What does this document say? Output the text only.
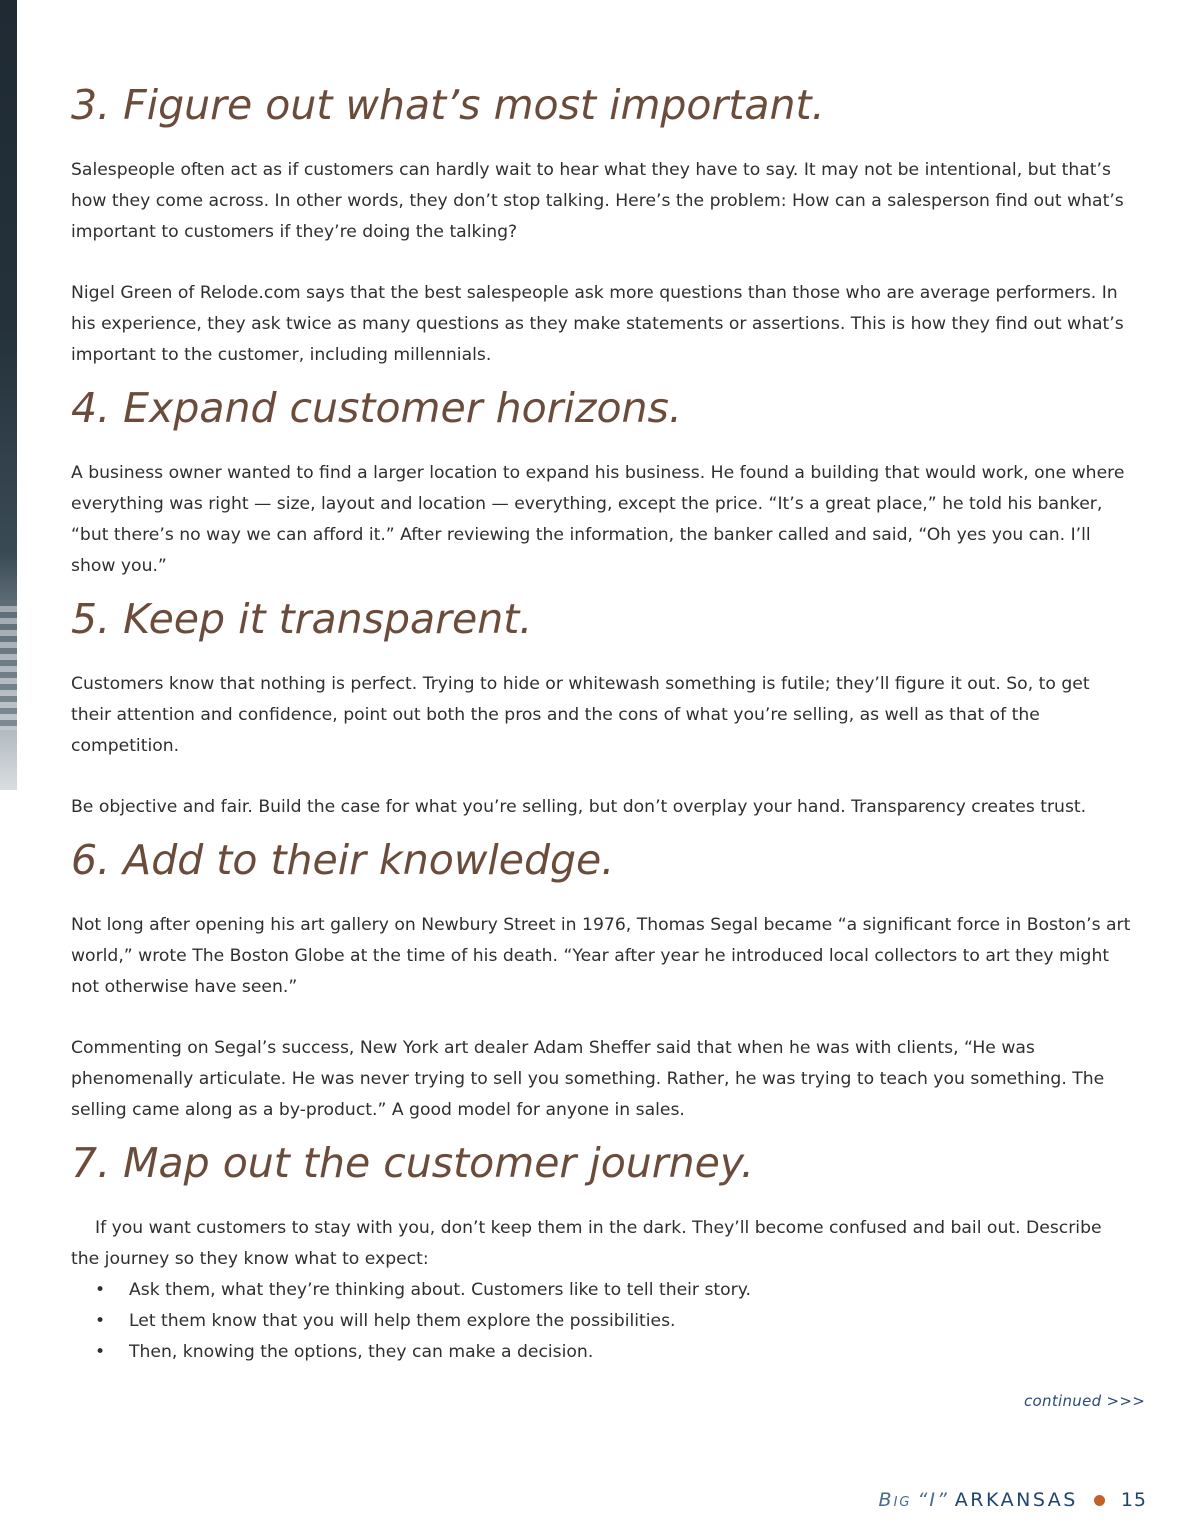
3. Figure out what’s most important.

Salespeople often act as if customers can hardly wait to hear what they have to say. It may not be intentional, but that’s how they come across. In other words, they don’t stop talking. Here’s the problem: How can a salesperson find out what’s important to customers if they’re doing the talking?

Nigel Green of Relode.com says that the best salespeople ask more questions than those who are average performers. In his experience, they ask twice as many questions as they make statements or assertions. This is how they find out what’s important to the customer, including millennials.

4. Expand customer horizons.

A business owner wanted to find a larger location to expand his business. He found a building that would work, one where everything was right — size, layout and location — everything, except the price. “It’s a great place,” he told his banker, “but there’s no way we can afford it.” After reviewing the information, the banker called and said, “Oh yes you can. I’ll show you.”

5. Keep it transparent.

Customers know that nothing is perfect. Trying to hide or whitewash something is futile; they’ll figure it out. So, to get their attention and confidence, point out both the pros and the cons of what you’re selling, as well as that of the competition.

Be objective and fair. Build the case for what you’re selling, but don’t overplay your hand. Transparency creates trust.

6. Add to their knowledge.

Not long after opening his art gallery on Newbury Street in 1976, Thomas Segal became “a significant force in Boston’s art world,” wrote The Boston Globe at the time of his death. “Year after year he introduced local collectors to art they might not otherwise have seen.”

Commenting on Segal’s success, New York art dealer Adam Sheffer said that when he was with clients, “He was phenomenally articulate. He was never trying to sell you something. Rather, he was trying to teach you something. The selling came along as a by-product.” A good model for anyone in sales.

7. Map out the customer journey.

If you want customers to stay with you, don’t keep them in the dark. They’ll become confused and bail out. Describe the journey so they know what to expect:

• Ask them, what they’re thinking about. Customers like to tell their story.
• Let them know that you will help them explore the possibilities.
• Then, knowing the options, they can make a decision.
continued >>>
Big “I” ARKANSAS 15
